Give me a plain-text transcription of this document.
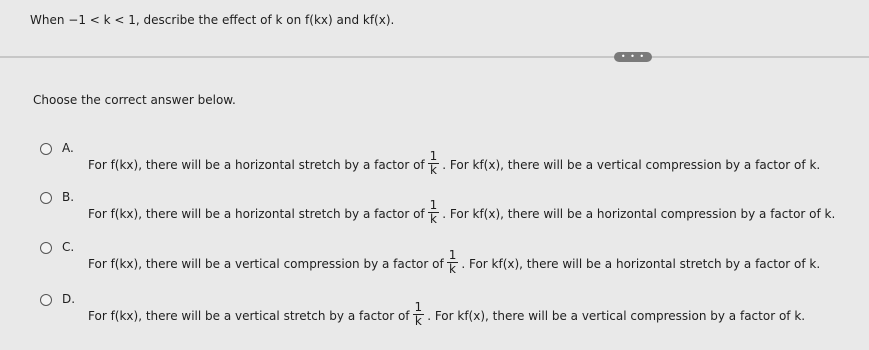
When −1 < k < 1, describe the effect of k on f(kx) and kf(x).
• • •
Choose the correct answer below.
A.
For f(kx), there will be a horizontal stretch by a factor of $\frac{1}{k}$ . For kf(x), there will be a vertical compression by a factor of k.
B.
For f(kx), there will be a horizontal stretch by a factor of $\frac{1}{k}$ . For kf(x), there will be a horizontal compression by a factor of k.
C.
For f(kx), there will be a vertical compression by a factor of $\frac{1}{k}$ . For kf(x), there will be a horizontal stretch by a factor of k.
D.
For f(kx), there will be a vertical stretch by a factor of $\frac{1}{k}$ . For kf(x), there will be a vertical compression by a factor of k.
